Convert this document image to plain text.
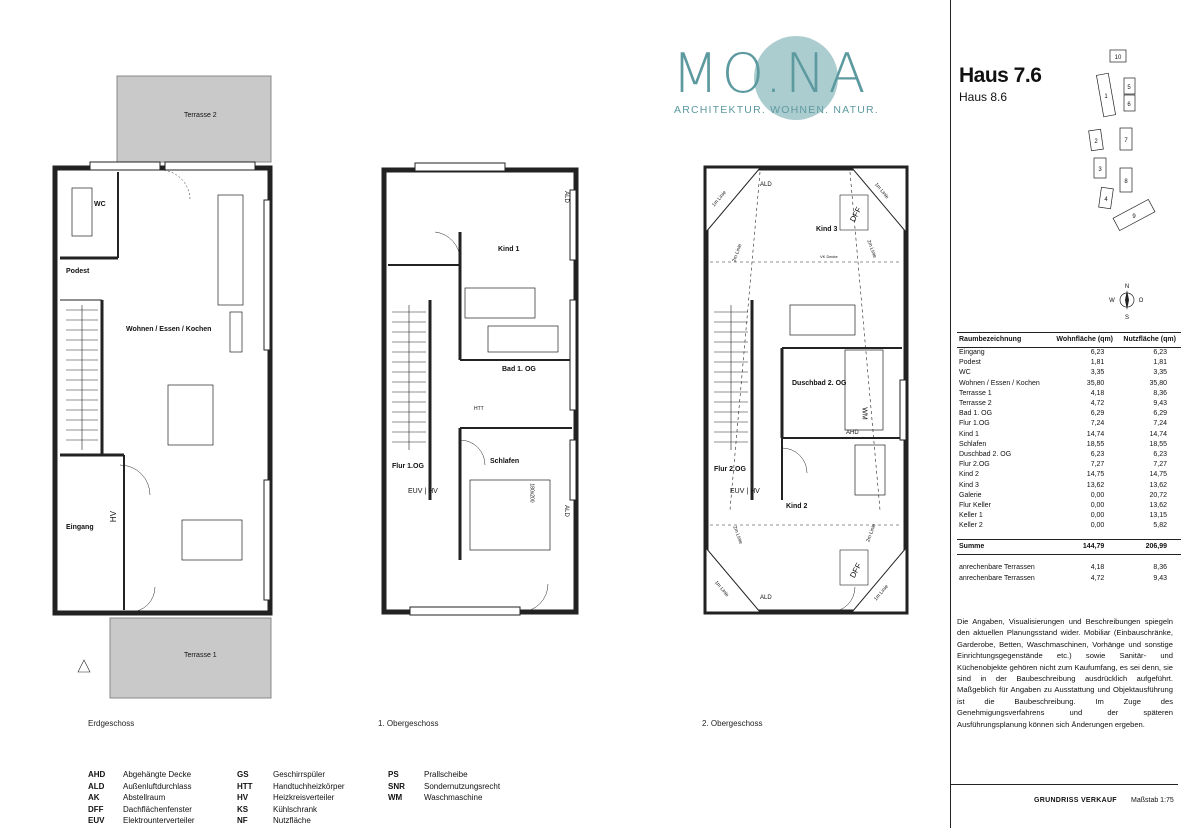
10
1
5
6
2
3
4
7
8
9
N
O
S
W
Terrasse 2
WC
Podest
Wohnen / Essen / Kochen
Eingang
HV
Terrasse 1
Kind 1
Bad 1. OG
Schlafen
Flur 1.OG
ALD
ALD
HTT
EUV | HV	180x200
Kind 3
Duschbad 2. OG
Flur 2.OG
Kind 2
ALD
ALD
AHD
WM
DFF
DFF
EUV | HV
VK Decke
1m Linie	1m Linie
1m Linie	1m Linie
2m Linie	2m Linie
2m Linie	2m Linie
Erdgeschoss	1. Obergeschoss	2. Obergeschoss
MO.NA
ARCHITEKTUR. WOHNEN. NATUR.
Haus 7.6
Haus 8.6
Raumbezeichnung	Wohnfläche (qm)	Nutzfläche (qm)
Eingang	6,23	6,23
Podest	1,81	1,81
WC	3,35	3,35
Wohnen / Essen / Kochen	35,80	35,80
Terrasse 1	4,18	8,36
Terrasse 2	4,72	9,43
Bad 1. OG	6,29	6,29
Flur 1.OG	7,24	7,24
Kind 1	14,74	14,74
Schlafen	18,55	18,55
Duschbad 2. OG	6,23	6,23
Flur 2.OG	7,27	7,27
Kind 2	14,75	14,75
Kind 3	13,62	13,62
Galerie	0,00	20,72
Flur Keller	0,00	13,62
Keller 1	0,00	13,15
Keller 2	0,00	5,82

Summe	144,79	206,99

anrechenbare Terrassen	4,18	8,36
anrechenbare Terrassen	4,72	9,43
Die Angaben, Visualisierungen und Beschreibungen spiegeln den aktuellen Planungsstand wider. Mobiliar (Einbauschränke, Garderobe, Betten, Waschmaschinen, Vorhänge und sonstige Einrichtungsgegenstände etc.) sowie Sanitär- und Küchenobjekte gehören nicht zum Kaufumfang, es sei denn, sie sind in der Baubeschreibung ausdrücklich aufgeführt. Maßgeblich für Angaben zu Ausstattung und Objektausführung ist die Baubeschreibung. Im Zuge des Genehmigungsverfahrens und der späteren Ausführungsplanung können sich Änderungen ergeben.
AHD Abgehängte Decke
ALD Außenluftdurchlass
AK	Abstellraum
DFF Dachflächenfenster
EUV Elektrounterverteiler
GS	Geschirrspüler
HTT	Handtuchheizkörper
HV	Heizkreisverteiler
KS	Kühlschrank
NF	Nutzfläche
PS	Prallscheibe
SNR Sondernutzungsrecht
WM	Waschmaschine	GRUNDRISS VERKAUF Maßstab 1:75
